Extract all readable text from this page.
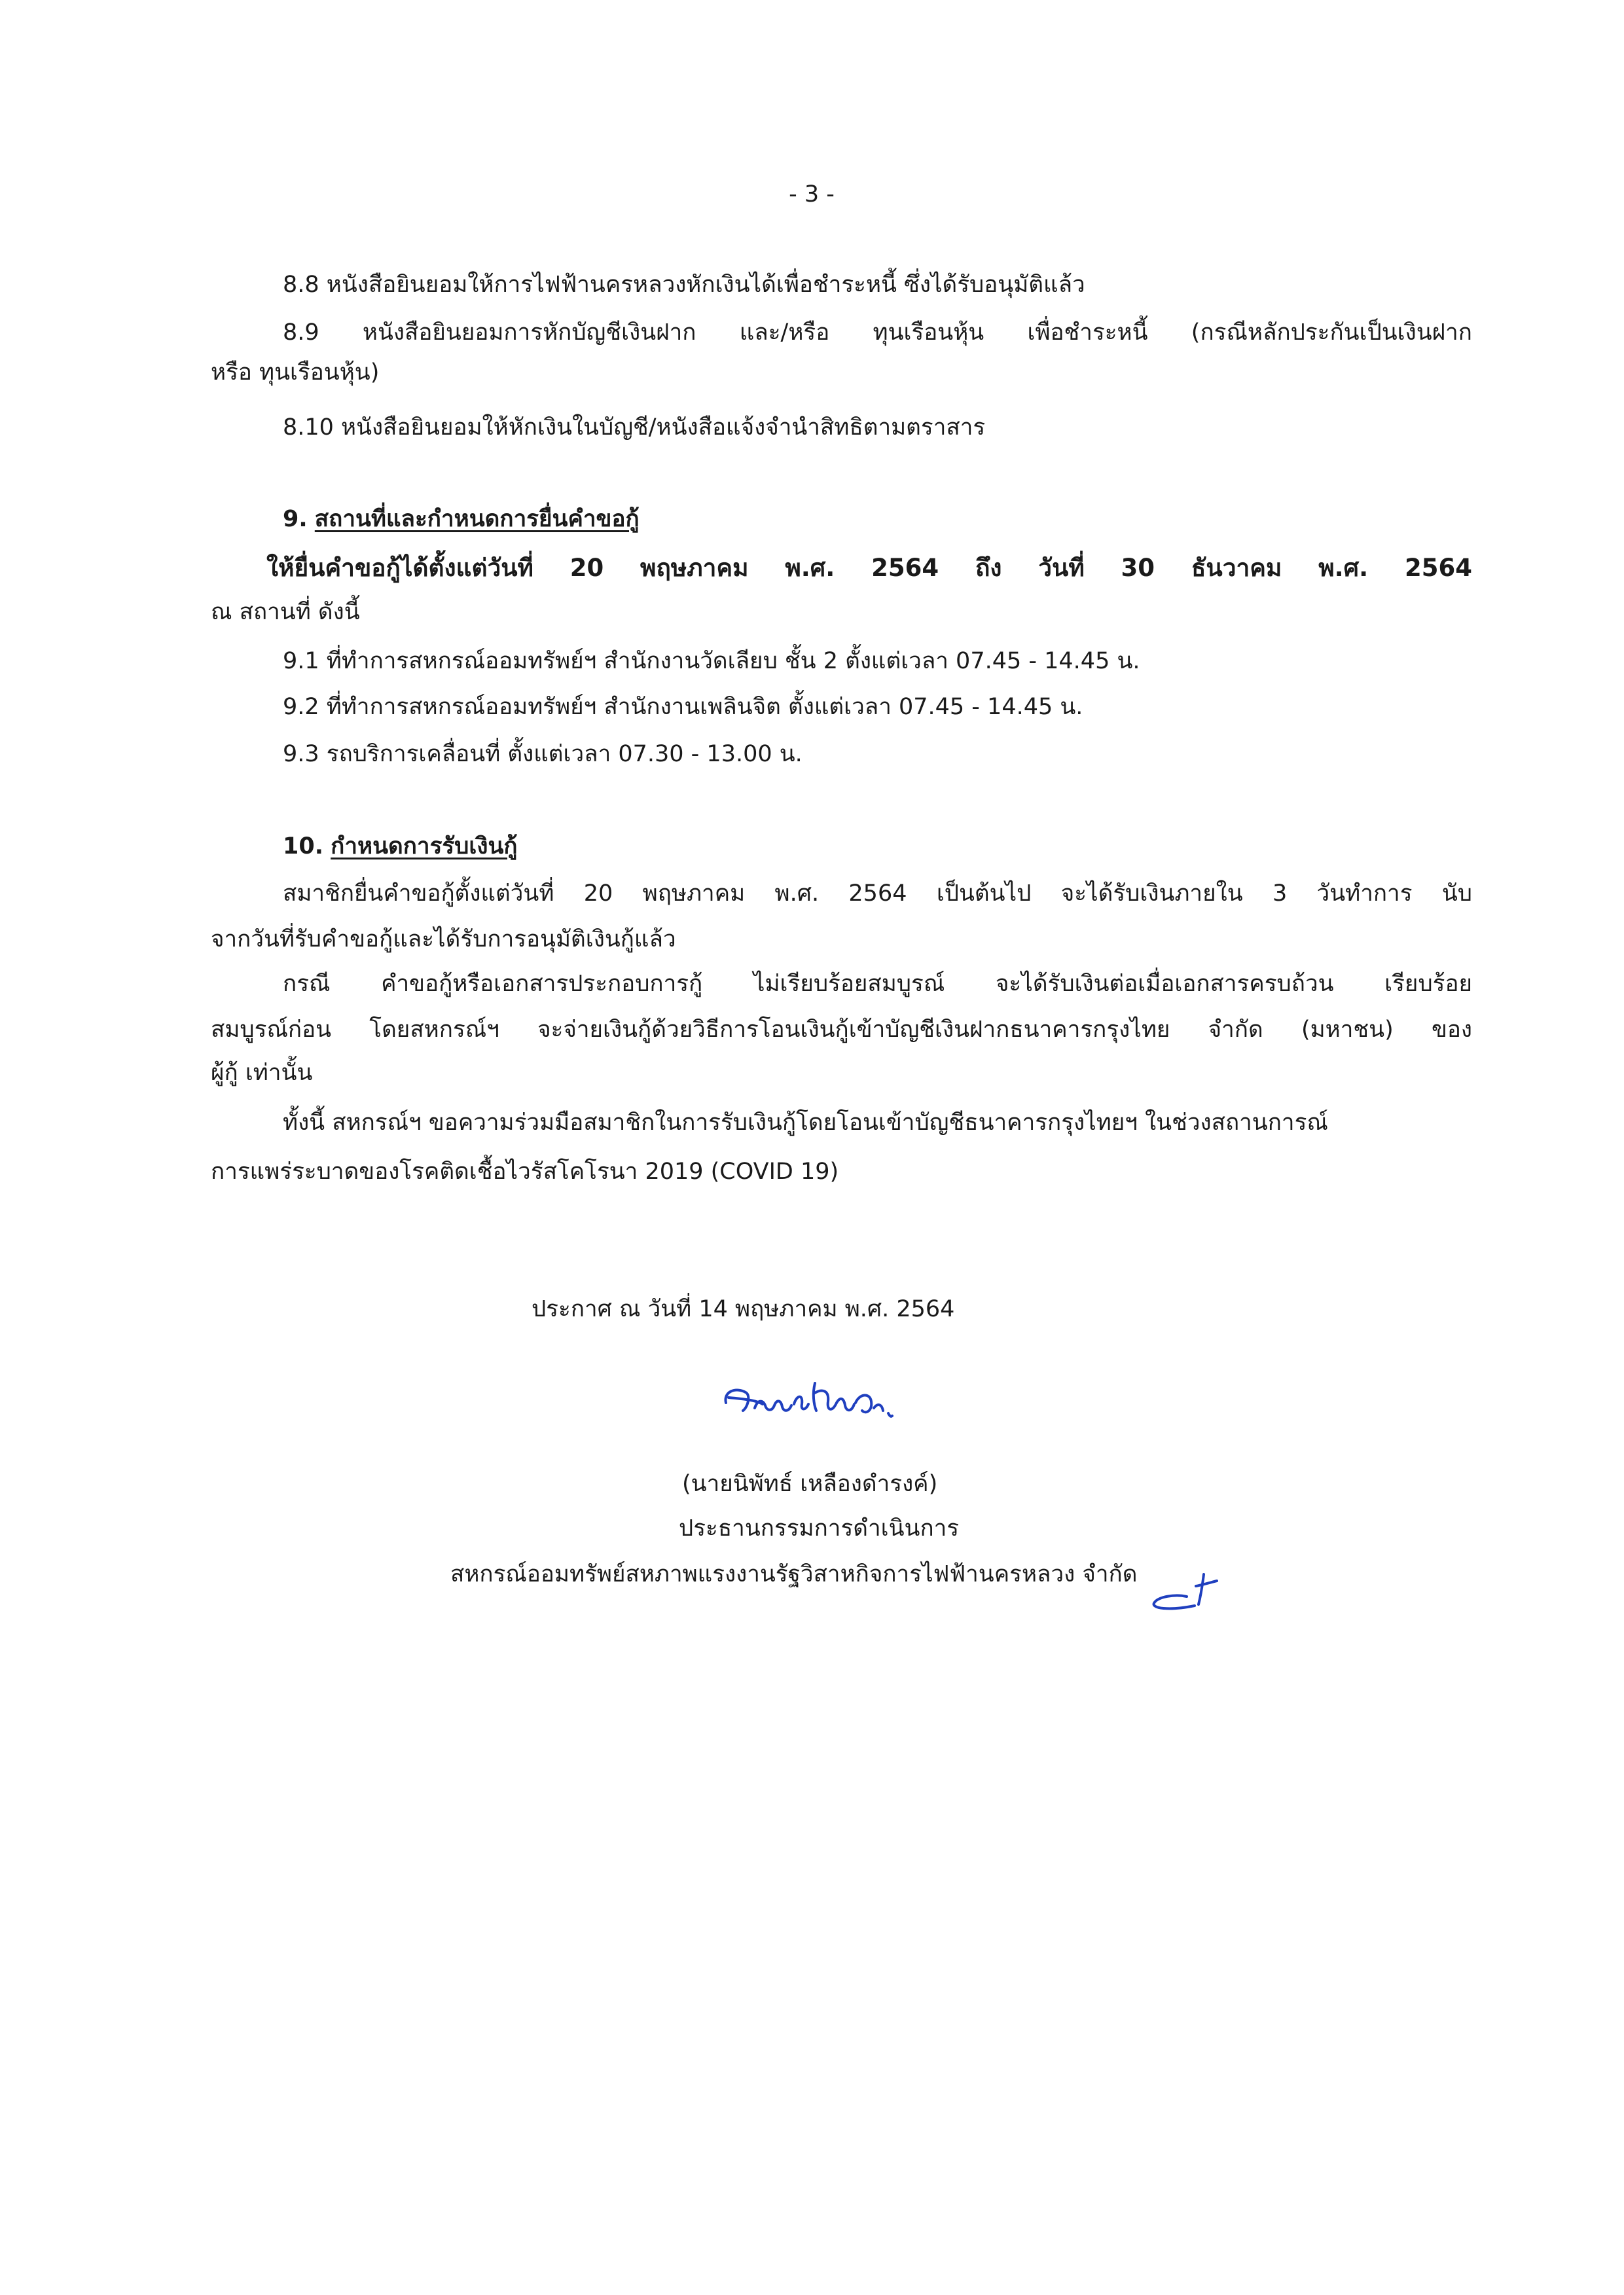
- 3 -
8.8 หนังสือยินยอมให้การไฟฟ้านครหลวงหักเงินได้เพื่อชำระหนี้ ซึ่งได้รับอนุมัติแล้ว
8.9 หนังสือยินยอมการหักบัญชีเงินฝาก และ/หรือ ทุนเรือนหุ้น เพื่อชำระหนี้ (กรณีหลักประกันเป็นเงินฝาก
หรือ ทุนเรือนหุ้น)
8.10 หนังสือยินยอมให้หักเงินในบัญชี/หนังสือแจ้งจำนำสิทธิตามตราสาร
9. สถานที่และกำหนดการยื่นคำขอกู้
ให้ยื่นคำขอกู้ได้ตั้งแต่วันที่ 20 พฤษภาคม พ.ศ. 2564 ถึง วันที่ 30 ธันวาคม พ.ศ. 2564
ณ สถานที่ ดังนี้
9.1 ที่ทำการสหกรณ์ออมทรัพย์ฯ สำนักงานวัดเลียบ ชั้น 2 ตั้งแต่เวลา 07.45 - 14.45 น.
9.2 ที่ทำการสหกรณ์ออมทรัพย์ฯ สำนักงานเพลินจิต ตั้งแต่เวลา 07.45 - 14.45 น.
9.3 รถบริการเคลื่อนที่ ตั้งแต่เวลา 07.30 - 13.00 น.
10. กำหนดการรับเงินกู้
สมาชิกยื่นคำขอกู้ตั้งแต่วันที่ 20 พฤษภาคม พ.ศ. 2564 เป็นต้นไป จะได้รับเงินภายใน 3 วันทำการ นับ
จากวันที่รับคำขอกู้และได้รับการอนุมัติเงินกู้แล้ว
กรณี คำขอกู้หรือเอกสารประกอบการกู้ ไม่เรียบร้อยสมบูรณ์ จะได้รับเงินต่อเมื่อเอกสารครบถ้วน เรียบร้อย
สมบูรณ์ก่อน โดยสหกรณ์ฯ จะจ่ายเงินกู้ด้วยวิธีการโอนเงินกู้เข้าบัญชีเงินฝากธนาคารกรุงไทย จำกัด (มหาชน) ของ
ผู้กู้ เท่านั้น
ทั้งนี้ สหกรณ์ฯ ขอความร่วมมือสมาชิกในการรับเงินกู้โดยโอนเข้าบัญชีธนาคารกรุงไทยฯ ในช่วงสถานการณ์
การแพร่ระบาดของโรคติดเชื้อไวรัสโคโรนา 2019 (COVID 19)
ประกาศ ณ วันที่ 14 พฤษภาคม พ.ศ. 2564
(นายนิพัทธ์ เหลืองดำรงค์)
ประธานกรรมการดำเนินการ
สหกรณ์ออมทรัพย์สหภาพแรงงานรัฐวิสาหกิจการไฟฟ้านครหลวง จำกัด
